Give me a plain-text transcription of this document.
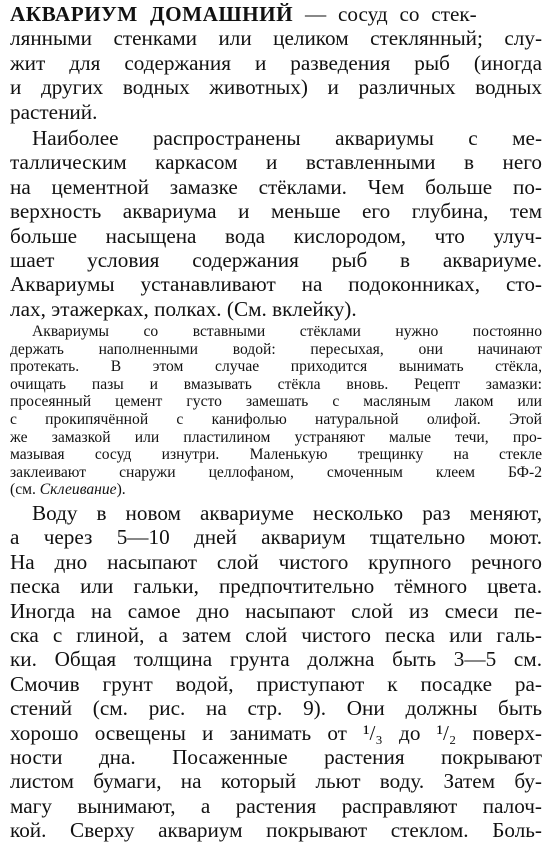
АКВАРИУМ ДОМАШНИЙ — сосуд со стек-
лянными стенками или целиком стеклянный; слу-
жит для содержания и разведения рыб (иногда
и других водных животных) и различных водных
растений.
Наиболее распространены аквариумы с ме-
таллическим каркасом и вставленными в него
на цементной замазке стёклами. Чем больше по-
верхность аквариума и меньше его глубина, тем
больше насыщена вода кислородом, что улуч-
шает условия содержания рыб в аквариуме.
Аквариумы устанавливают на подоконниках, сто-
лах, этажерках, полках. (См. вклейку).
Аквариумы со вставными стёклами нужно постоянно
держать наполненными водой: пересыхая, они начинают
протекать. В этом случае приходится вынимать стёкла,
очищать пазы и вмазывать стёкла вновь. Рецепт замазки:
просеянный цемент густо замешать с масляным лаком или
с прокипячённой с канифолью натуральной олифой. Этой
же замазкой или пластилином устраняют малые течи, про-
мазывая сосуд изнутри. Маленькую трещинку на стекле
заклеивают снаружи целлофаном, смоченным клеем БФ-2
(см. Склеивание).
Воду в новом аквариуме несколько раз меняют,
а через 5—10 дней аквариум тщательно моют.
На дно насыпают слой чистого крупного речного
песка или гальки, предпочтительно тёмного цвета.
Иногда на самое дно насыпают слой из смеси пе-
ска с глиной, а затем слой чистого песка или галь-
ки. Общая толщина грунта должна быть 3—5 см.
Смочив грунт водой, приступают к посадке ра-
стений (см. рис. на стр. 9). Они должны быть
хорошо освещены и занимать от ¹/₃ до ¹/₂ поверх-
ности дна. Посаженные растения покрывают
листом бумаги, на который льют воду. Затем бу-
магу вынимают, а растения расправляют палоч-
кой. Сверху аквариум покрывают стеклом. Боль-
